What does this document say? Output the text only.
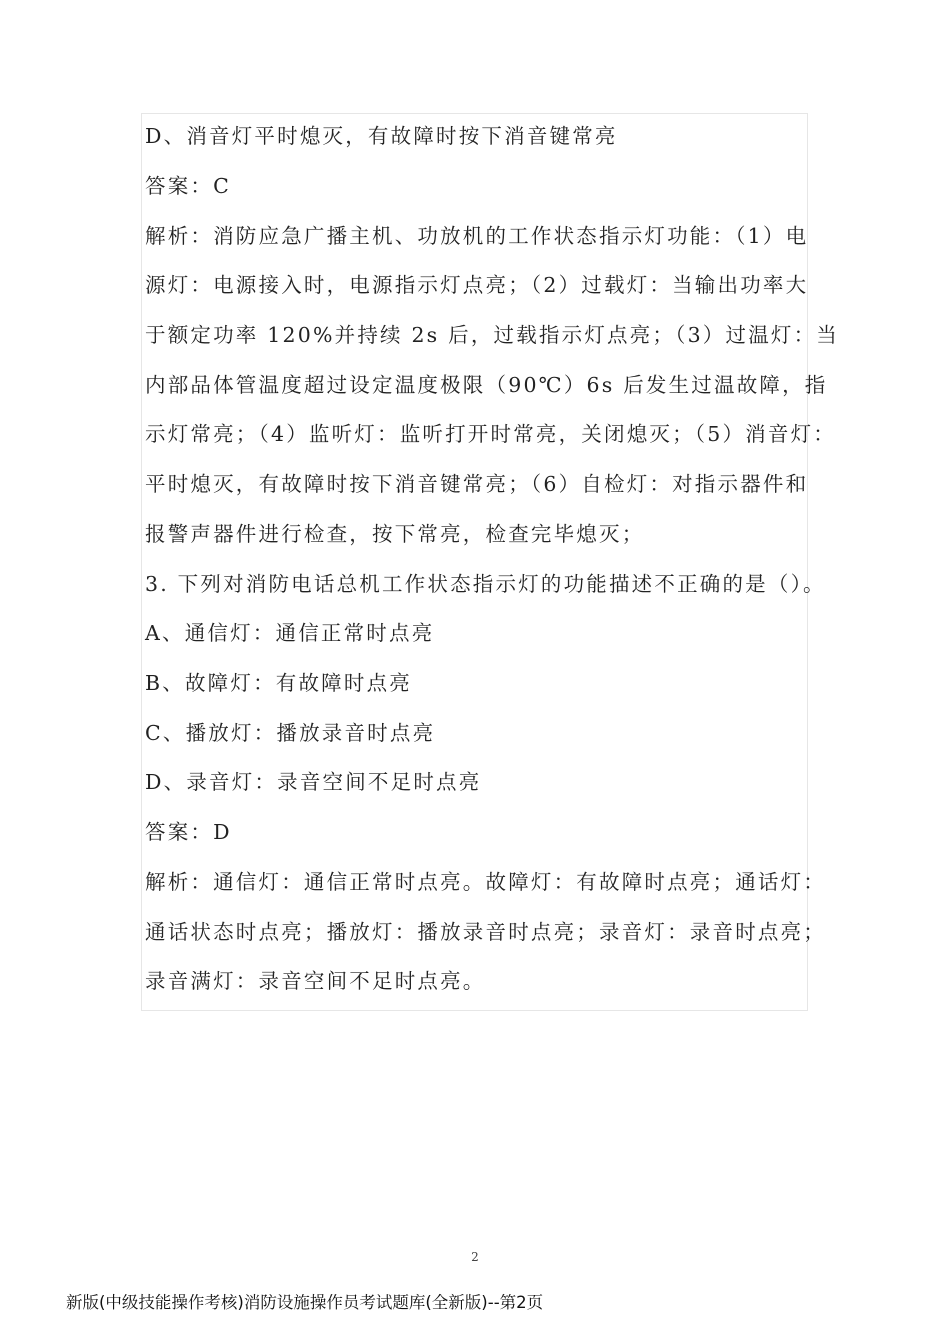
D、消音灯平时熄灭，有故障时按下消音键常亮
答案：C
解析：消防应急广播主机、功放机的工作状态指示灯功能：（1）电
源灯：电源接入时，电源指示灯点亮；（2）过载灯：当输出功率大
于额定功率 120%并持续 2s 后，过载指示灯点亮；（3）过温灯：当
内部品体管温度超过设定温度极限（90℃）6s 后发生过温故障，指
示灯常亮；（4）监听灯：监听打开时常亮，关闭熄灭；（5）消音灯：
平时熄灭，有故障时按下消音键常亮；（6）自检灯：对指示器件和
报警声器件进行检查，按下常亮，检查完毕熄灭；
3. 下列对消防电话总机工作状态指示灯的功能描述不正确的是（）。
A、通信灯：通信正常时点亮
B、故障灯：有故障时点亮
C、播放灯：播放录音时点亮
D、录音灯：录音空间不足时点亮
答案：D
解析：通信灯：通信正常时点亮。故障灯：有故障时点亮；通话灯：
通话状态时点亮；播放灯：播放录音时点亮；录音灯：录音时点亮；
录音满灯：录音空间不足时点亮。
2
新版(中级技能操作考核)消防设施操作员考试题库(全新版)--第2页
